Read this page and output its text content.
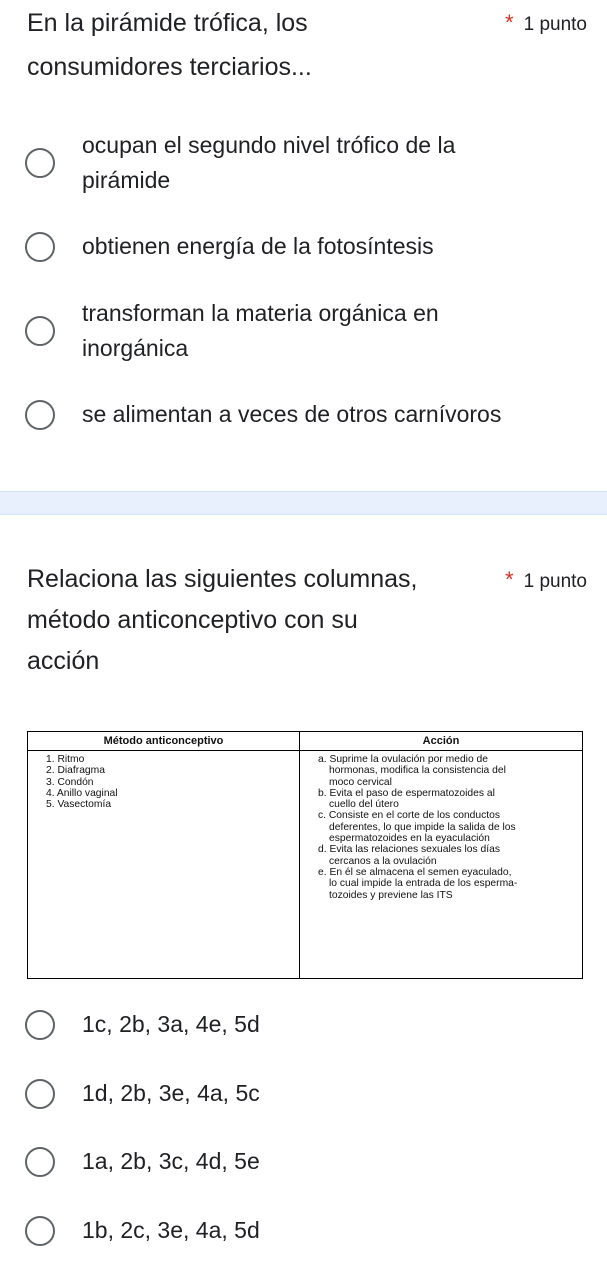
En la pirámide trófica, los
consumidores terciarios...
* 1 punto
ocupan el segundo nivel trófico de la
pirámide
obtienen energía de la fotosíntesis
transforman la materia orgánica en
inorgánica
se alimentan a veces de otros carnívoros
Relaciona las siguientes columnas,
método anticonceptivo con su
acción
* 1 punto
Método anticonceptivo	Acción
1. Ritmo
2. Diafragma
3. Condón
4. Anillo vaginal
5. Vasectomía
a. Suprime la ovulación por medio de
hormonas, modifica la consistencia del
moco cervical
b. Evita el paso de espermatozoides al
cuello del útero
c. Consiste en el corte de los conductos
deferentes, lo que impide la salida de los
espermatozoides en la eyaculación
d. Evita las relaciones sexuales los días
cercanos a la ovulación
e. En él se almacena el semen eyaculado,
lo cual impide la entrada de los esperma-
tozoides y previene las ITS
1c, 2b, 3a, 4e, 5d
1d, 2b, 3e, 4a, 5c
1a, 2b, 3c, 4d, 5e
1b, 2c, 3e, 4a, 5d
